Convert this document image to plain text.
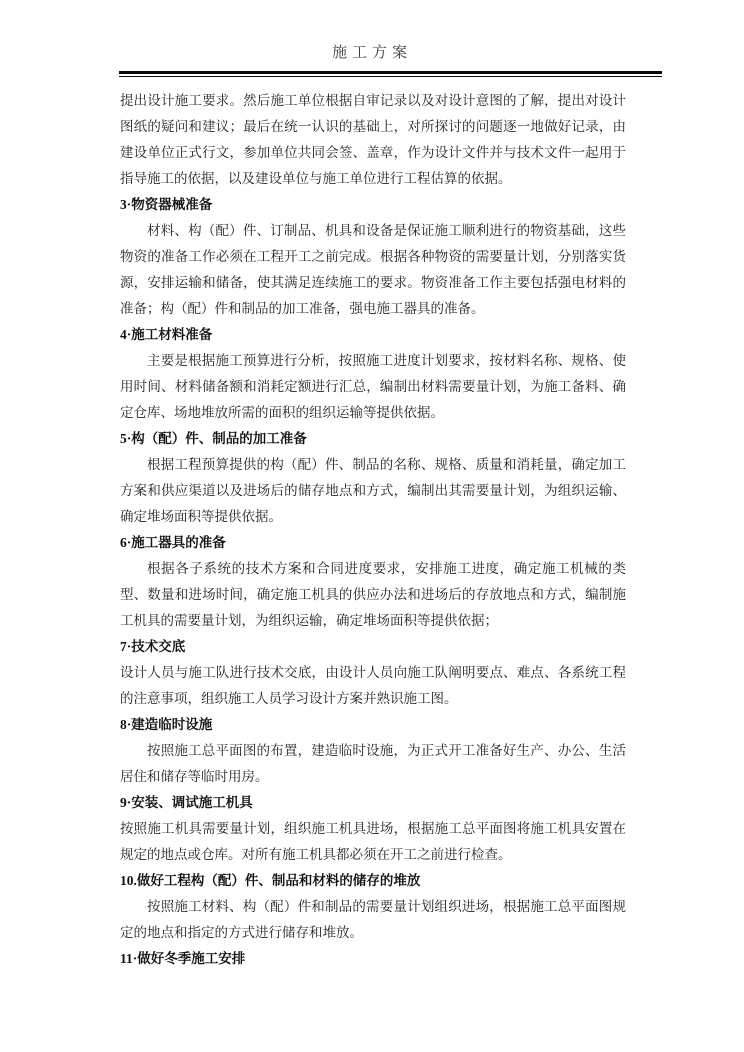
施工方案

提出设计施工要求。然后施工单位根据自审记录以及对设计意图的了解，提出对设计图纸的疑问和建议；最后在统一认识的基础上，对所探讨的问题逐一地做好记录，由建设单位正式行文，参加单位共同会签、盖章，作为设计文件并与技术文件一起用于指导施工的依据，以及建设单位与施工单位进行工程估算的依据。

3·物资器械准备

材料、构（配）件、订制品、机具和设备是保证施工顺利进行的物资基础，这些物资的准备工作必须在工程开工之前完成。根据各种物资的需要量计划，分别落实货源，安排运输和储备，使其满足连续施工的要求。物资准备工作主要包括强电材料的准备；构（配）件和制品的加工准备，强电施工器具的准备。

4·施工材料准备

主要是根据施工预算进行分析，按照施工进度计划要求，按材料名称、规格、使用时间、材料储备额和消耗定额进行汇总，编制出材料需要量计划，为施工备料、确定仓库、场地堆放所需的面积的组织运输等提供依据。

5·构（配）件、制品的加工准备

根据工程预算提供的构（配）件、制品的名称、规格、质量和消耗量，确定加工方案和供应渠道以及进场后的储存地点和方式，编制出其需要量计划，为组织运输、确定堆场面积等提供依据。

6·施工器具的准备

根据各子系统的技术方案和合同进度要求，安排施工进度，确定施工机械的类型、数量和进场时间，确定施工机具的供应办法和进场后的存放地点和方式，编制施工机具的需要量计划，为组织运输，确定堆场面积等提供依据；

7·技术交底

设计人员与施工队进行技术交底，由设计人员向施工队阐明要点、难点、各系统工程的注意事项，组织施工人员学习设计方案并熟识施工图。

8·建造临时设施

按照施工总平面图的布置，建造临时设施，为正式开工准备好生产、办公、生活居住和储存等临时用房。

9·安装、调试施工机具

按照施工机具需要量计划，组织施工机具进场，根据施工总平面图将施工机具安置在规定的地点或仓库。对所有施工机具都必须在开工之前进行检查。

10.做好工程构（配）件、制品和材料的储存的堆放

按照施工材料、构（配）件和制品的需要量计划组织进场，根据施工总平面图规定的地点和指定的方式进行储存和堆放。

11·做好冬季施工安排
